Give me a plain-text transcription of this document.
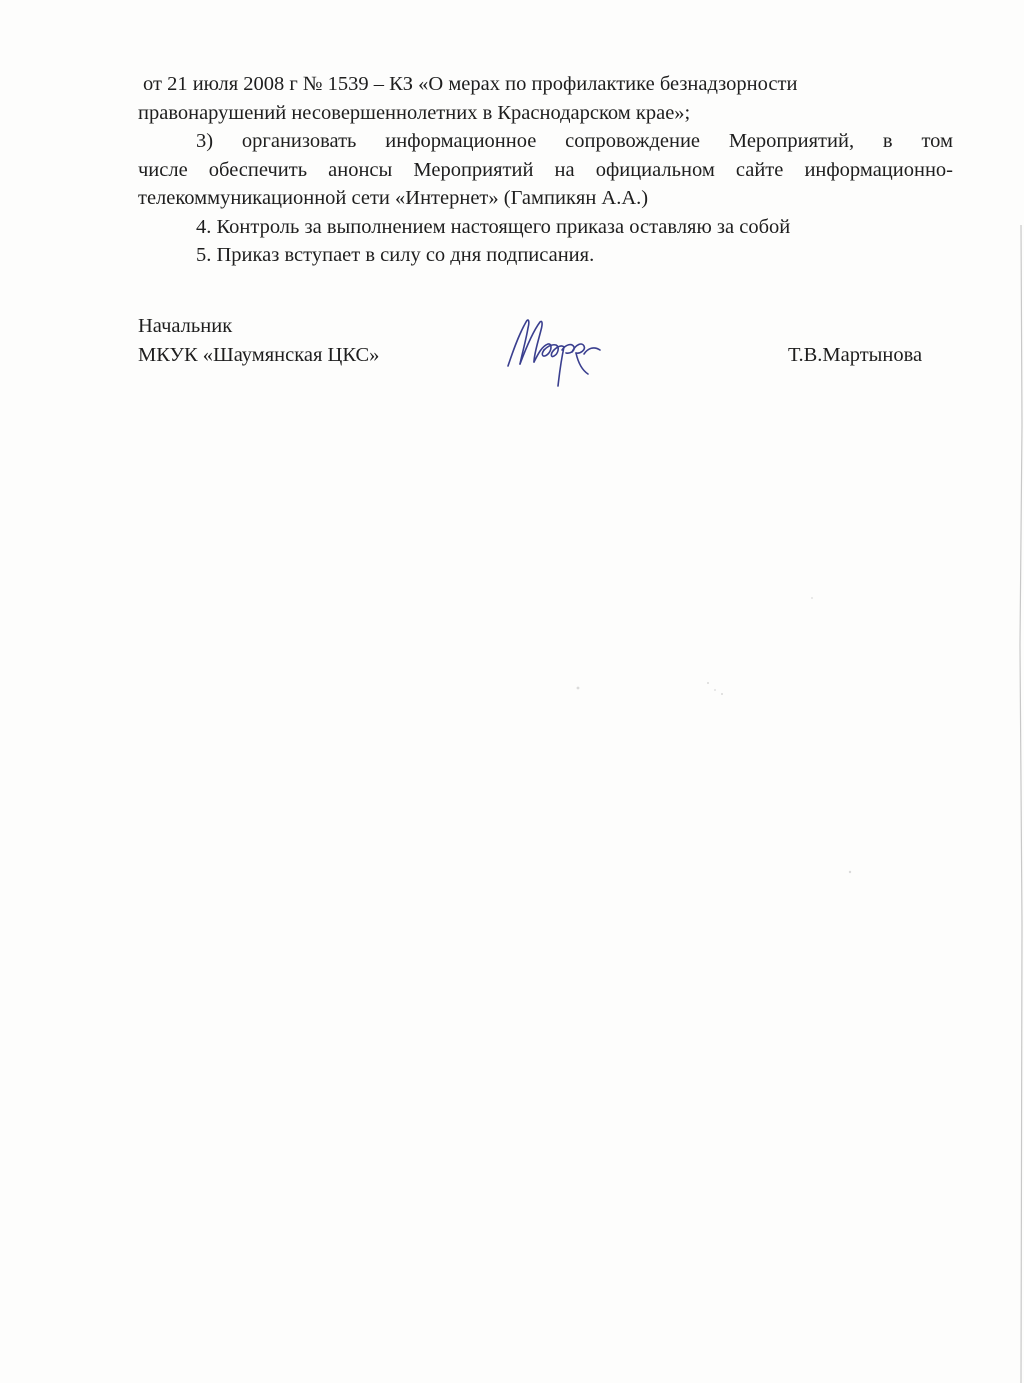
от 21 июля 2008 г № 1539 – КЗ «О мерах по профилактике безнадзорности
правонарушений несовершеннолетних в Краснодарском крае»;
3) организовать информационное сопровождение Мероприятий, в том
числе обеспечить анонсы Мероприятий на официальном сайте информационно-
телекоммуникационной сети «Интернет» (Гампикян А.А.)
4. Контроль за выполнением настоящего приказа оставляю за собой
5. Приказ вступает в силу со дня подписания.
Начальник
МКУК «Шаумянская ЦКС»	Т.В.Мартынова
